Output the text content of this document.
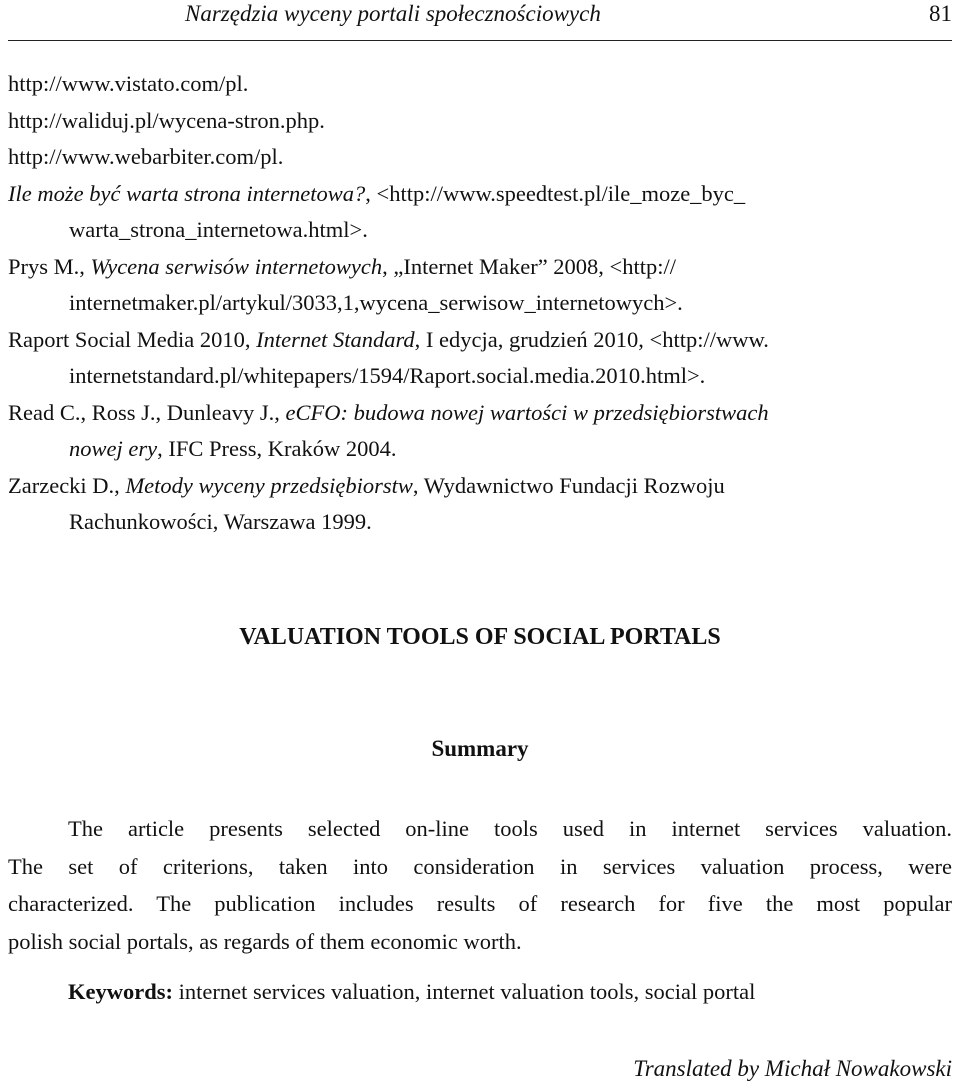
Narzędzia wyceny portali społecznościowych	81
http://www.vistato.com/pl.
http://waliduj.pl/wycena-stron.php.
http://www.webarbiter.com/pl.
Ile może być warta strona internetowa?, <http://www.speedtest.pl/ile_moze_byc_
warta_strona_internetowa.html>.
Prys M., Wycena serwisów internetowych, „Internet Maker” 2008, <http://
internetmaker.pl/artykul/3033,1,wycena_serwisow_internetowych>.
Raport Social Media 2010, Internet Standard, I edycja, grudzień 2010, <http://www.
internetstandard.pl/whitepapers/1594/Raport.social.media.2010.html>.
Read C., Ross J., Dunleavy J., eCFO: budowa nowej wartości w przedsiębiorstwach
nowej ery, IFC Press, Kraków 2004.
Zarzecki D., Metody wyceny przedsiębiorstw, Wydawnictwo Fundacji Rozwoju
Rachunkowości, Warszawa 1999.
VALUATION TOOLS OF SOCIAL PORTALS
Summary
The article presents selected on-line tools used in internet services valuation.
The set of criterions, taken into consideration in services valuation process, were
characterized. The publication includes results of research for five the most popular
polish social portals, as regards of them economic worth.
Keywords: internet services valuation, internet valuation tools, social portal
Translated by Michał Nowakowski
